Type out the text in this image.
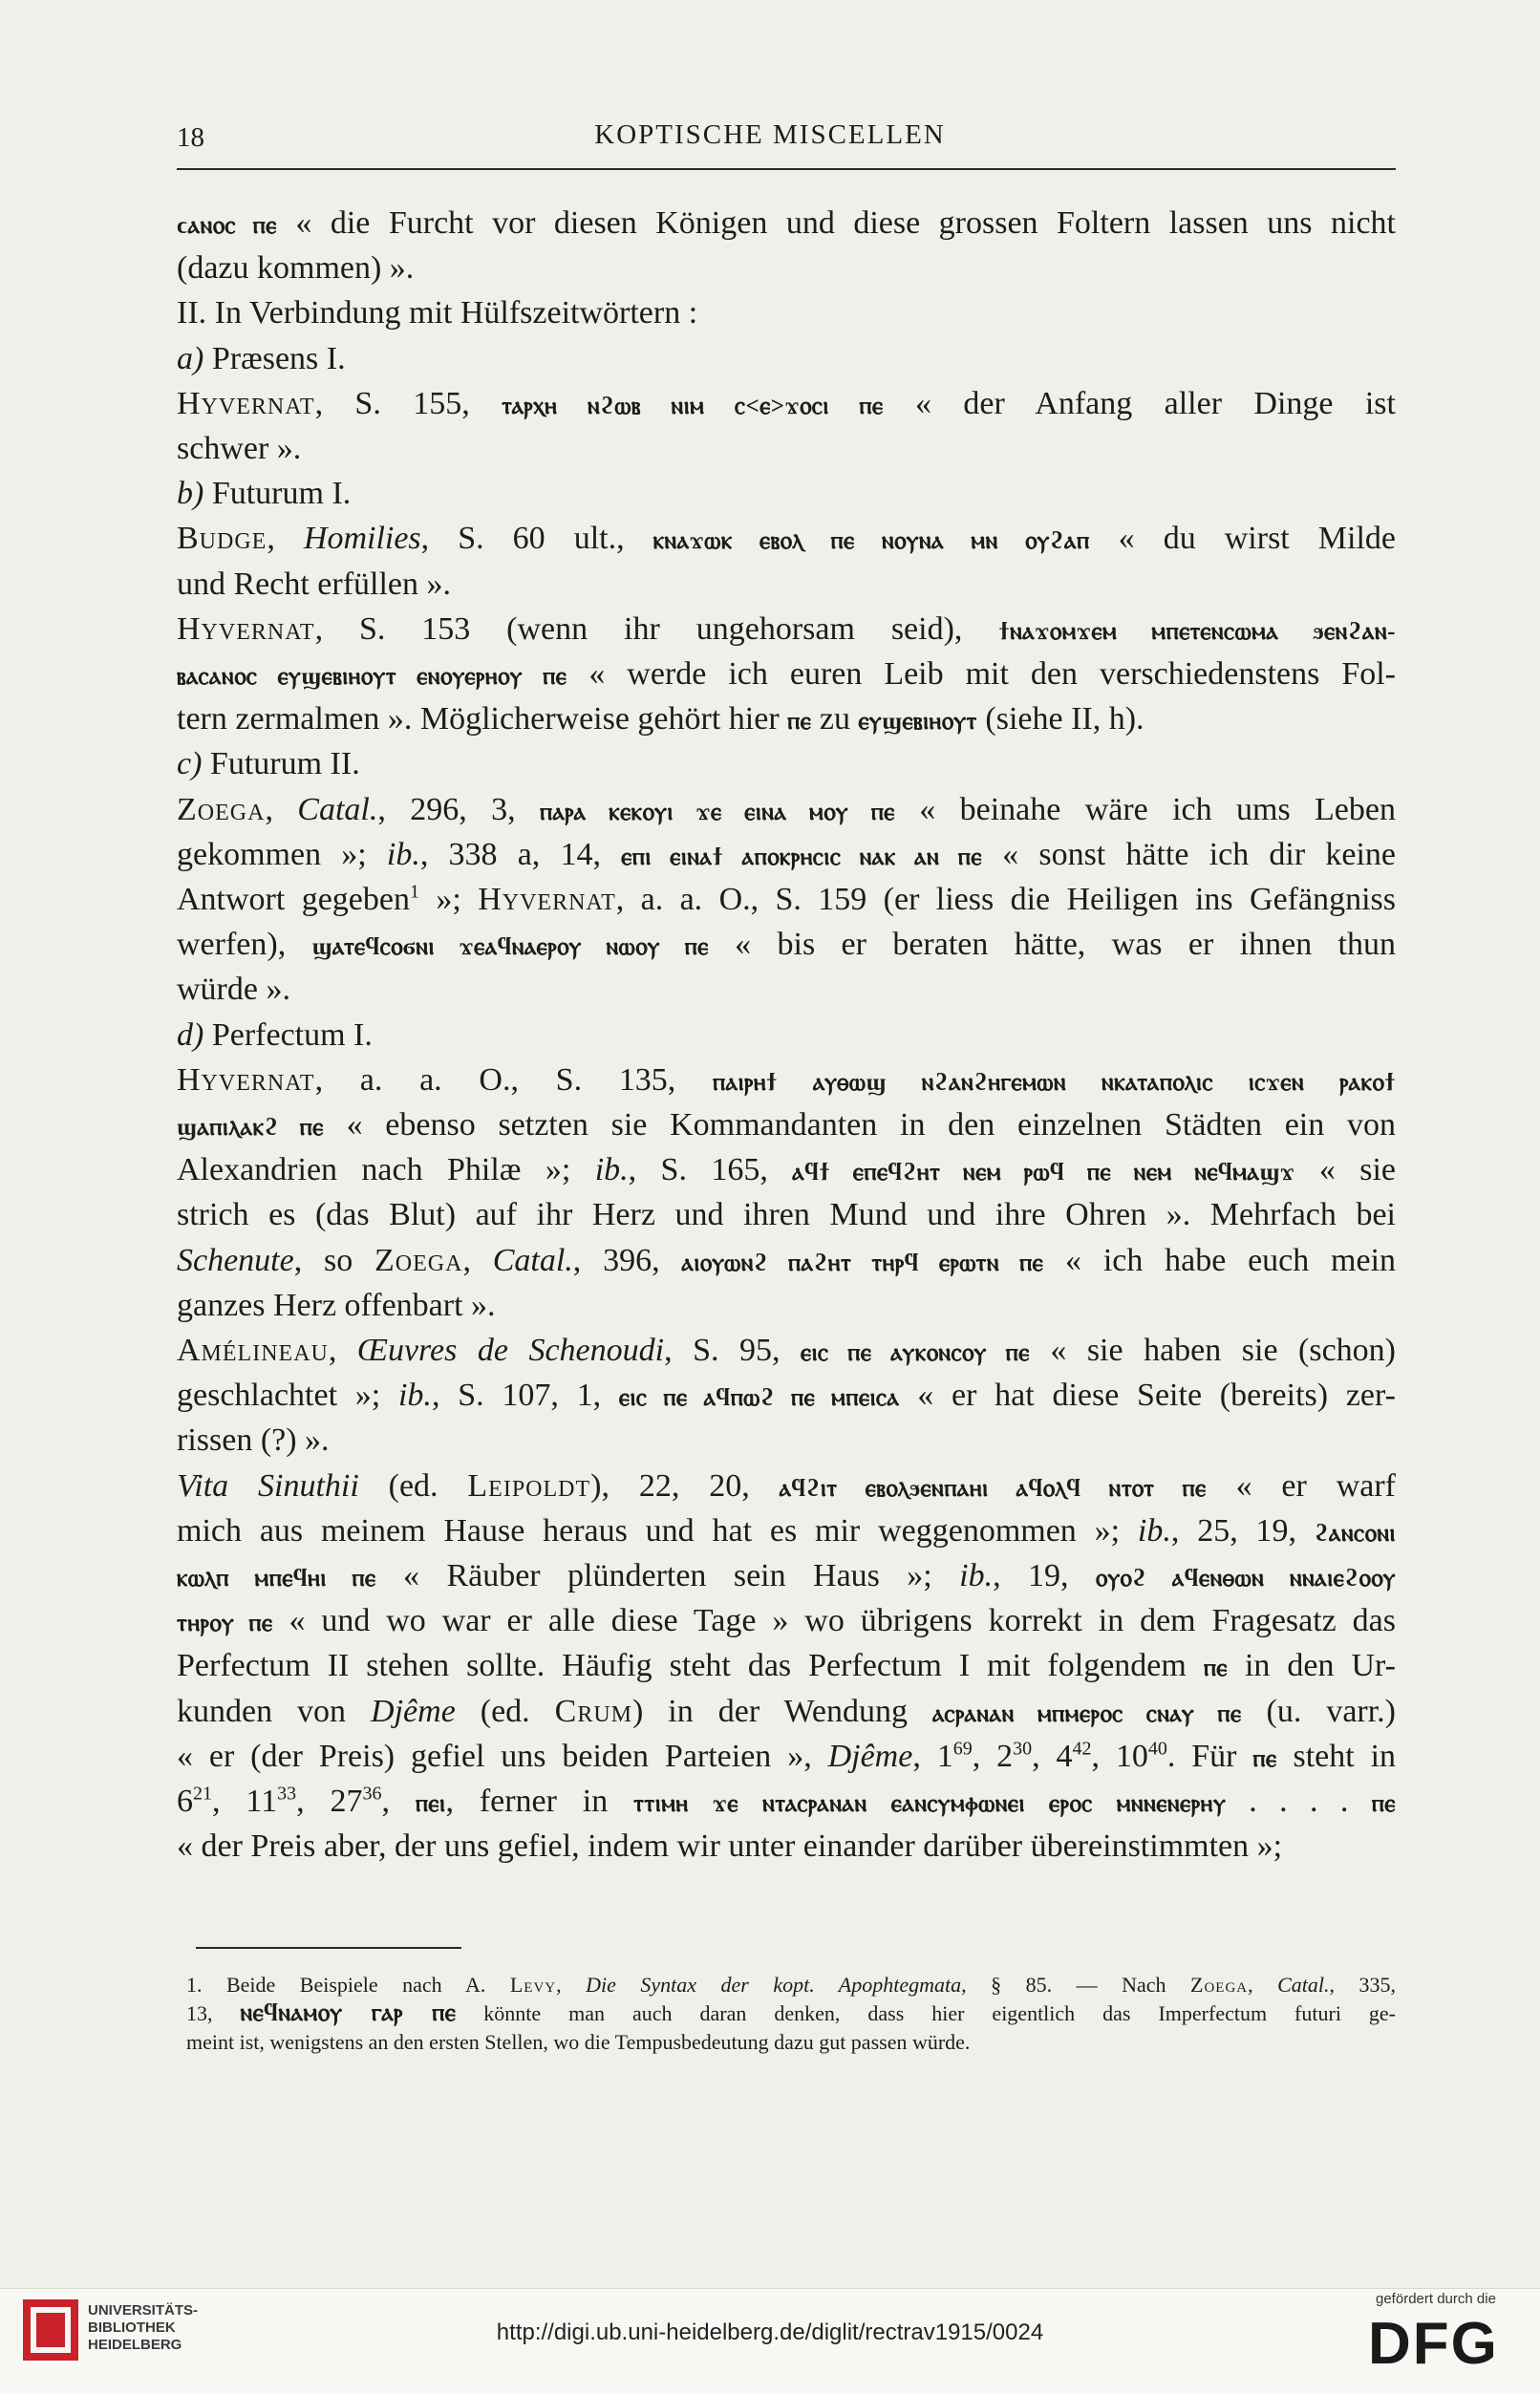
18	KOPTISCHE MISCELLEN
ϲⲁⲛⲟⲥ ⲡⲉ « die Furcht vor diesen Königen und diese grossen Foltern lassen uns nicht
(dazu kommen) ».
II. In Verbindung mit Hülfszeitwörtern :
a) Præsens I.
Hyvernat, S. 155, ⲧⲁⲣⲭⲏ ⲛϩⲱⲃ ⲛⲓⲙ ⲥ<ⲉ>ϫⲟⲥⲓ ⲡⲉ « der Anfang aller Dinge ist
schwer ».
b) Futurum I.
Budge, Homilies, S. 60 ult., ⲕⲛⲁϫⲱⲕ ⲉⲃⲟⲗ ⲡⲉ ⲛⲟⲩⲛⲁ ⲙⲛ ⲟⲩϩⲁⲡ « du wirst Milde
und Recht erfüllen ».
Hyvernat, S. 153 (wenn ihr ungehorsam seid), ϯⲛⲁϫⲟⲙϫⲉⲙ ⲙⲡⲉⲧⲉⲛⲥⲱⲙⲁ ϧⲉⲛϩⲁⲛ-
ⲃⲁⲥⲁⲛⲟⲥ ⲉⲩϣⲉⲃⲓⲏⲟⲩⲧ ⲉⲛⲟⲩⲉⲣⲏⲟⲩ ⲡⲉ « werde ich euren Leib mit den verschiedenstens Fol-
tern zermalmen ». Möglicherweise gehört hier ⲡⲉ zu ⲉⲩϣⲉⲃⲓⲏⲟⲩⲧ (siehe II, h).
c) Futurum II.
Zoega, Catal., 296, 3, ⲡⲁⲣⲁ ⲕⲉⲕⲟⲩⲓ ϫⲉ ⲉⲓⲛⲁ ⲙⲟⲩ ⲡⲉ « beinahe wäre ich ums Leben
gekommen »; ib., 338 a, 14, ⲉⲡⲓ ⲉⲓⲛⲁϯ ⲁⲡⲟⲕⲣⲏⲥⲓⲥ ⲛⲁⲕ ⲁⲛ ⲡⲉ « sonst hätte ich dir keine
Antwort gegeben$^1$ »; Hyvernat, a. a. O., S. 159 (er liess die Heiligen ins Gefängniss
werfen), ϣⲁⲧⲉϥⲥⲟϭⲛⲓ ϫⲉⲁϥⲛⲁⲉⲣⲟⲩ ⲛⲱⲟⲩ ⲡⲉ « bis er beraten hätte, was er ihnen thun
würde ».
d) Perfectum I.
Hyvernat, a. a. O., S. 135, ⲡⲁⲓⲣⲏϯ ⲁⲩⲑⲱϣ ⲛϩⲁⲛϩⲏⲅⲉⲙⲱⲛ ⲛⲕⲁⲧⲁⲡⲟⲗⲓⲥ ⲓⲥϫⲉⲛ ⲣⲁⲕⲟϯ
ϣⲁⲡⲓⲗⲁⲕϩ ⲡⲉ « ebenso setzten sie Kommandanten in den einzelnen Städten ein von
Alexandrien nach Philæ »; ib., S. 165, ⲁϥϯ ⲉⲡⲉϥϩⲏⲧ ⲛⲉⲙ ⲣⲱϥ ⲡⲉ ⲛⲉⲙ ⲛⲉϥⲙⲁϣϫ « sie
strich es (das Blut) auf ihr Herz und ihren Mund und ihre Ohren ». Mehrfach bei
Schenute, so Zoega, Catal., 396, ⲁⲓⲟⲩⲱⲛϩ ⲡⲁϩⲏⲧ ⲧⲏⲣϥ ⲉⲣⲱⲧⲛ ⲡⲉ « ich habe euch mein
ganzes Herz offenbart ».
Amélineau, Œuvres de Schenoudi, S. 95, ⲉⲓⲥ ⲡⲉ ⲁⲩⲕⲟⲛⲥⲟⲩ ⲡⲉ « sie haben sie (schon)
geschlachtet »; ib., S. 107, 1, ⲉⲓⲥ ⲡⲉ ⲁϥⲡⲱϩ ⲡⲉ ⲙⲡⲉⲓⲥⲁ « er hat diese Seite (bereits) zer-
rissen (?) ».
Vita Sinuthii (ed. Leipoldt), 22, 20, ⲁϥϩⲓⲧ ⲉⲃⲟⲗϧⲉⲛⲡⲁⲏⲓ ⲁϥⲟⲗϥ ⲛⲧⲟⲧ ⲡⲉ « er warf
mich aus meinem Hause heraus und hat es mir weggenommen »; ib., 25, 19, ϩⲁⲛⲥⲟⲛⲓ
ⲕⲱⲗⲡ ⲙⲡⲉϥⲏⲓ ⲡⲉ « Räuber plünderten sein Haus »; ib., 19, ⲟⲩⲟϩ ⲁϥⲉⲛⲑⲱⲛ ⲛⲛⲁⲓⲉϩⲟⲟⲩ
ⲧⲏⲣⲟⲩ ⲡⲉ « und wo war er alle diese Tage » wo übrigens korrekt in dem Fragesatz das
Perfectum II stehen sollte. Häufig steht das Perfectum I mit folgendem ⲡⲉ in den Ur-
kunden von Djême (ed. Crum) in der Wendung ⲁⲥⲣⲁⲛⲁⲛ ⲙⲡⲙⲉⲣⲟⲥ ⲥⲛⲁⲩ ⲡⲉ (u. varr.)
« er (der Preis) gefiel uns beiden Parteien », Djême, $1^{69}$, $2^{30}$, $4^{42}$, $10^{40}$. Für ⲡⲉ steht in
$6^{21}$, $11^{33}$, $27^{36}$, ⲡⲉⲓ, ferner in ⲧⲧⲓⲙⲏ ϫⲉ ⲛⲧⲁⲥⲣⲁⲛⲁⲛ ⲉⲁⲛⲥⲩⲙⲫⲱⲛⲉⲓ ⲉⲣⲟⲥ ⲙⲛⲛⲉⲛⲉⲣⲏⲩ . . . . ⲡⲉ
« der Preis aber, der uns gefiel, indem wir unter einander darüber übereinstimmten »;
1. Beide Beispiele nach A. Levy, Die Syntax der kopt. Apophtegmata, § 85. — Nach Zoega, Catal., 335,
13, ⲛⲉϥⲛⲁⲙⲟⲩ ⲅⲁⲣ ⲡⲉ könnte man auch daran denken, dass hier eigentlich das Imperfectum futuri ge-
meint ist, wenigstens an den ersten Stellen, wo die Tempusbedeutung dazu gut passen würde.
UNIVERSITÄTS-
BIBLIOTHEK
HEIDELBERG	http://digi.ub.uni-heidelberg.de/diglit/rectrav1915/0024
gefördert durch die
DFG
